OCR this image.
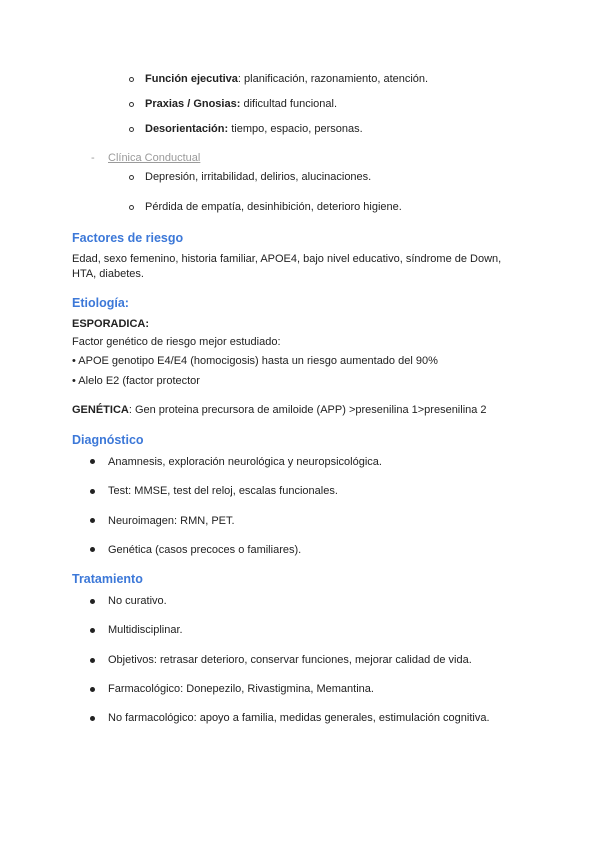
Función ejecutiva: planificación, razonamiento, atención.
Praxias / Gnosias: dificultad funcional.
Desorientación: tiempo, espacio, personas.
- Clínica Conductual
Depresión, irritabilidad, delirios, alucinaciones.
Pérdida de empatía, desinhibición, deterioro higiene.
Factores de riesgo
Edad, sexo femenino, historia familiar, APOE4, bajo nivel educativo, síndrome de Down,
HTA, diabetes.
Etiología:
ESPORADICA:
Factor genético de riesgo mejor estudiado:
• APOE genotipo E4/E4 (homocigosis) hasta un riesgo aumentado del 90%
• Alelo E2 (factor protector
GENÉTICA: Gen proteina precursora de amiloide (APP) >presenilina 1>presenilina 2
Diagnóstico
Anamnesis, exploración neurológica y neuropsicológica.
Test: MMSE, test del reloj, escalas funcionales.
Neuroimagen: RMN, PET.
Genética (casos precoces o familiares).
Tratamiento
No curativo.
Multidisciplinar.
Objetivos: retrasar deterioro, conservar funciones, mejorar calidad de vida.
Farmacológico: Donepezilo, Rivastigmina, Memantina.
No farmacológico: apoyo a familia, medidas generales, estimulación cognitiva.
